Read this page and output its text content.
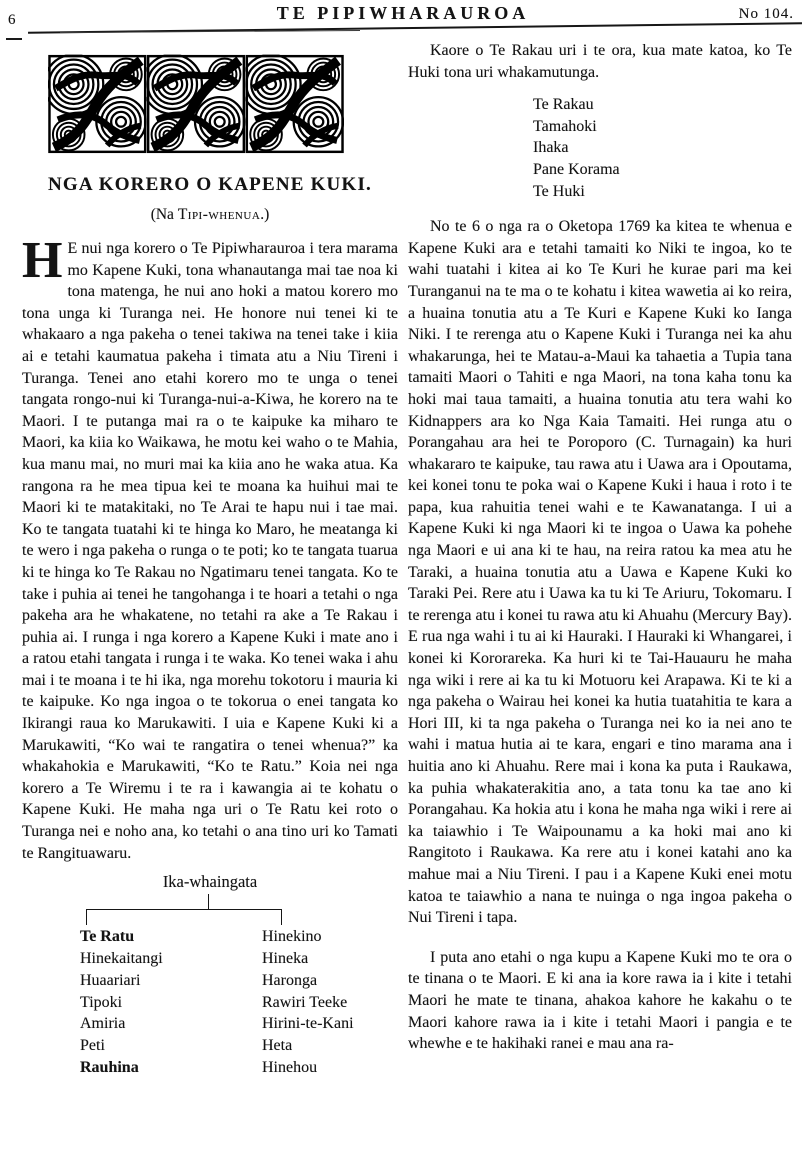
6	TE PIPIWHARAUROA	No 104.
NGA KORERO O KAPENE KUKI.
(Na Tipi-whenua.)
H E nui nga korero o Te Pipiwharauroa i tera marama mo Kapene Kuki, tona whanautanga mai tae noa ki tona matenga, he nui ano hoki a matou korero mo tona unga ki Turanga nei. He honore nui tenei ki te whakaaro a nga pakeha o tenei takiwa na tenei take i kiia ai e tetahi kaumatua pakeha i timata atu a Niu Tireni i Turanga. Tenei ano etahi korero mo te unga o tenei tangata rongo-nui ki Turanga-nui-a-Kiwa, he korero na te Maori. I te putanga mai ra o te kaipuke ka miharo te Maori, ka kiia ko Waikawa, he motu kei waho o te Mahia, kua manu mai, no muri mai ka kiia ano he waka atua. Ka rangona ra he mea tipua kei te moana ka huihui mai te Maori ki te matakitaki, no Te Arai te hapu nui i tae mai. Ko te tangata tuatahi ki te hinga ko Maro, he meatanga ki te wero i nga pakeha o runga o te poti; ko te tangata tuarua ki te hinga ko Te Rakau no Ngatimaru tenei tangata. Ko te take i puhia ai tenei he tangohanga i te hoari a tetahi o nga pakeha ara he whakatene, no tetahi ra ake a Te Rakau i puhia ai. I runga i nga korero a Kapene Kuki i mate ano i a ratou etahi tangata i runga i te waka. Ko tenei waka i ahu mai i te moana i te hi ika, nga morehu tokotoru i mauria ki te kaipuke. Ko nga ingoa o te tokorua o enei tangata ko Ikirangi raua ko Marukawiti. I uia e Kapene Kuki ki a Marukawiti, “Ko wai te rangatira o tenei whenua?” ka whakahokia e Marukawiti, “Ko te Ratu.” Koia nei nga korero a Te Wiremu i te ra i kawangia ai te kohatu o Kapene Kuki. He maha nga uri o Te Ratu kei roto o Turanga nei e noho ana, ko tetahi o ana tino uri ko Tamati te Rangituawaru.
Ika-whaingata
Te Ratu
Hinekaitangi
Huaariari
Tipoki
Amiria
Peti
Rauhina
Hinekino
Hineka
Haronga
Rawiri Teeke
Hirini-te-Kani
Heta
Hinehou
Kaore o Te Rakau uri i te ora, kua mate katoa, ko Te Huki tona uri whakamutunga.
Te Rakau
Tamahoki
Ihaka
Pane Korama
Te Huki
No te 6 o nga ra o Oketopa 1769 ka kitea te whenua e Kapene Kuki ara e tetahi tamaiti ko Niki te ingoa, ko te wahi tuatahi i kitea ai ko Te Kuri he kurae pari ma kei Turanganui na te ma o te kohatu i kitea wawetia ai ko reira, a huaina tonutia atu a Te Kuri e Kapene Kuki ko Ianga Niki. I te rerenga atu o Kapene Kuki i Turanga nei ka ahu whakarunga, hei te Matau-a-Maui ka tahaetia a Tupia tana tamaiti Maori o Tahiti e nga Maori, na tona kaha tonu ka hoki mai taua tamaiti, a huaina tonutia atu tera wahi ko Kidnappers ara ko Nga Kaia Tamaiti. Hei runga atu o Porangahau ara hei te Poroporo (C. Turnagain) ka huri whakararo te kaipuke, tau rawa atu i Uawa ara i Opoutama, kei konei tonu te poka wai o Kapene Kuki i haua i roto i te papa, kua rahuitia tenei wahi e te Kawanatanga. I ui a Kapene Kuki ki nga Maori ki te ingoa o Uawa ka pohehe nga Maori e ui ana ki te hau, na reira ratou ka mea atu he Taraki, a huaina tonutia atu a Uawa e Kapene Kuki ko Taraki Pei. Rere atu i Uawa ka tu ki Te Ariuru, Tokomaru. I te rerenga atu i konei tu rawa atu ki Ahuahu (Mercury Bay). E rua nga wahi i tu ai ki Hauraki. I Hauraki ki Whangarei, i konei ki Kororareka. Ka huri ki te Tai-Hauauru he maha nga wiki i rere ai ka tu ki Motuoru kei Arapawa. Ki te ki a nga pakeha o Wairau hei konei ka hutia tuatahitia te kara a Hori III, ki ta nga pakeha o Turanga nei ko ia nei ano te wahi i matua hutia ai te kara, engari e tino marama ana i huitia ano ki Ahuahu. Rere mai i kona ka puta i Raukawa, ka puhia whakaterakitia ano, a tata tonu ka tae ano ki Porangahau. Ka hokia atu i kona he maha nga wiki i rere ai ka taiawhio i Te Waipounamu a ka hoki mai ano ki Rangitoto i Raukawa. Ka rere atu i konei katahi ano ka mahue mai a Niu Tireni. I pau i a Kapene Kuki enei motu katoa te taiawhio a nana te nuinga o nga ingoa pakeha o Nui Tireni i tapa.
I puta ano etahi o nga kupu a Kapene Kuki mo te ora o te tinana o te Maori. E ki ana ia kore rawa ia i kite i tetahi Maori he mate te tinana, ahakoa kahore he kakahu o te Maori kahore rawa ia i kite i tetahi Maori i pangia e te whewhe e te hakihaki ranei e mau ana ra-
